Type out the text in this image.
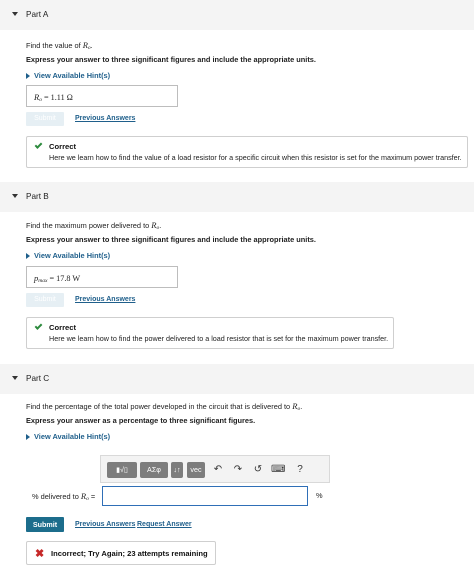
Part A
Find the value of Ro.
Express your answer to three significant figures and include the appropriate units.
View Available Hint(s)
Ro = 1.11 Ω
Submit	Previous Answers
Correct
Here we learn how to find the value of a load resistor for a specific circuit when this resistor is set for the maximum power transfer.
Part B
Find the maximum power delivered to Ro.
Express your answer to three significant figures and include the appropriate units.
View Available Hint(s)
pmax = 17.8 W
Submit	Previous Answers
Correct
Here we learn how to find the power delivered to a load resistor that is set for the maximum power transfer.
Part C
Find the percentage of the total power developed in the circuit that is delivered to Ro.
Express your answer as a percentage to three significant figures.
View Available Hint(s)
▮√▯	ΑΣφ	↓↑	vec	↶ ↷ ↺ ⌨	?
% delivered to Ro =	%
Submit	Previous Answers Request Answer
✖ Incorrect; Try Again; 23 attempts remaining
